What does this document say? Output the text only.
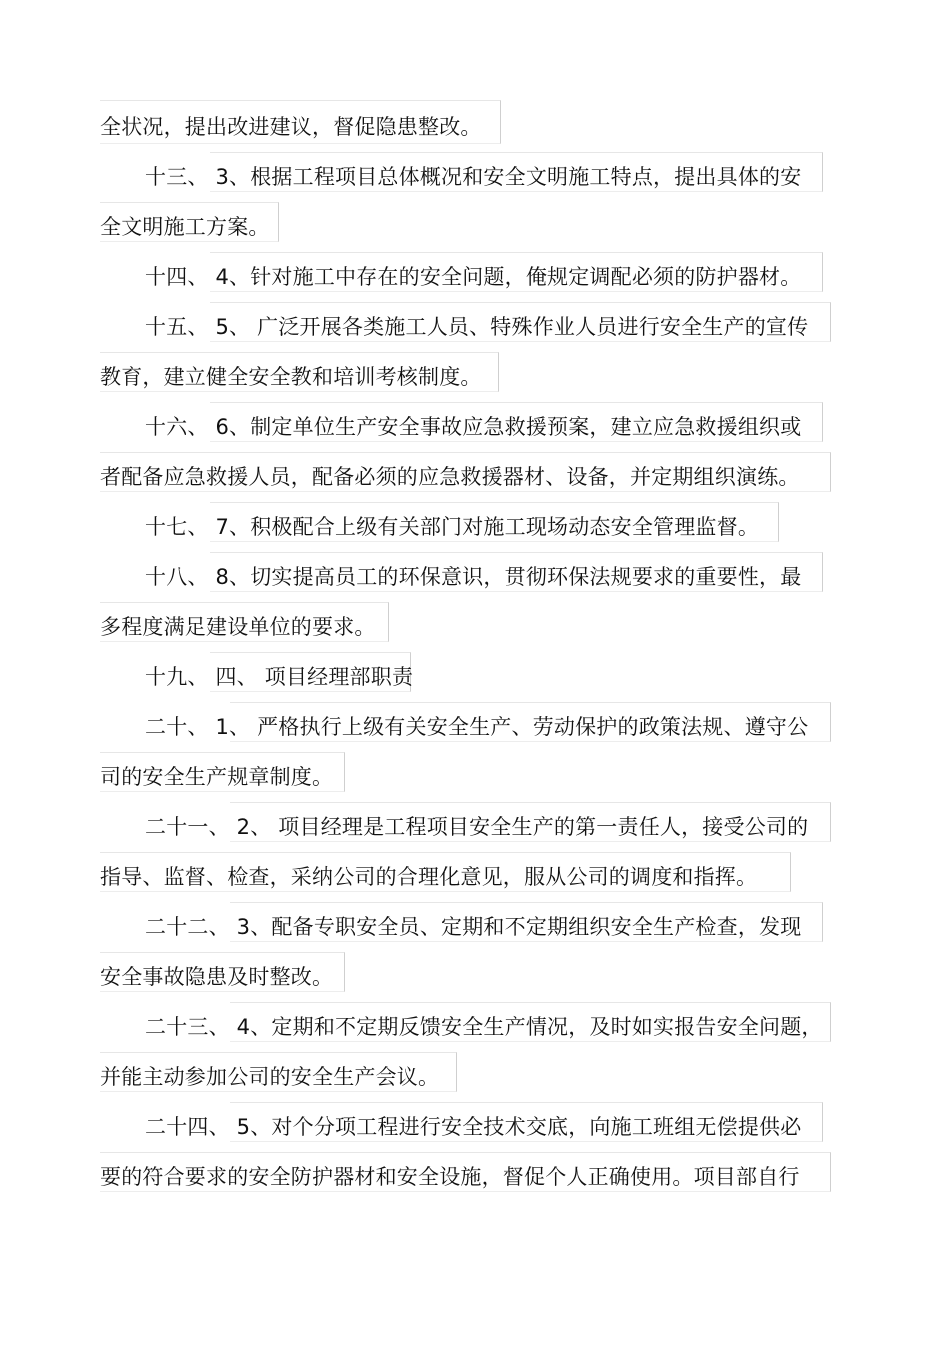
全状况，提出改进建议，督促隐患整改。
十三、 3、根据工程项目总体概况和安全文明施工特点，提出具体的安
全文明施工方案。
十四、 4、针对施工中存在的安全问题，俺规定调配必须的防护器材。
十五、 5、 广泛开展各类施工人员、特殊作业人员进行安全生产的宣传
教育，建立健全安全教和培训考核制度。
十六、 6、制定单位生产安全事故应急救援预案，建立应急救援组织或
者配备应急救援人员，配备必须的应急救援器材、设备，并定期组织演练。
十七、 7、积极配合上级有关部门对施工现场动态安全管理监督。
十八、 8、切实提高员工的环保意识，贯彻环保法规要求的重要性，最
多程度满足建设单位的要求。
十九、 四、 项目经理部职责
二十、 1、 严格执行上级有关安全生产、劳动保护的政策法规、遵守公
司的安全生产规章制度。
二十一、 2、 项目经理是工程项目安全生产的第一责任人，接受公司的
指导、监督、检查，采纳公司的合理化意见，服从公司的调度和指挥。
二十二、 3、配备专职安全员、定期和不定期组织安全生产检查，发现
安全事故隐患及时整改。
二十三、 4、定期和不定期反馈安全生产情况，及时如实报告安全问题，
并能主动参加公司的安全生产会议。
二十四、 5、对个分项工程进行安全技术交底，向施工班组无偿提供必
要的符合要求的安全防护器材和安全设施，督促个人正确使用。项目部自行
